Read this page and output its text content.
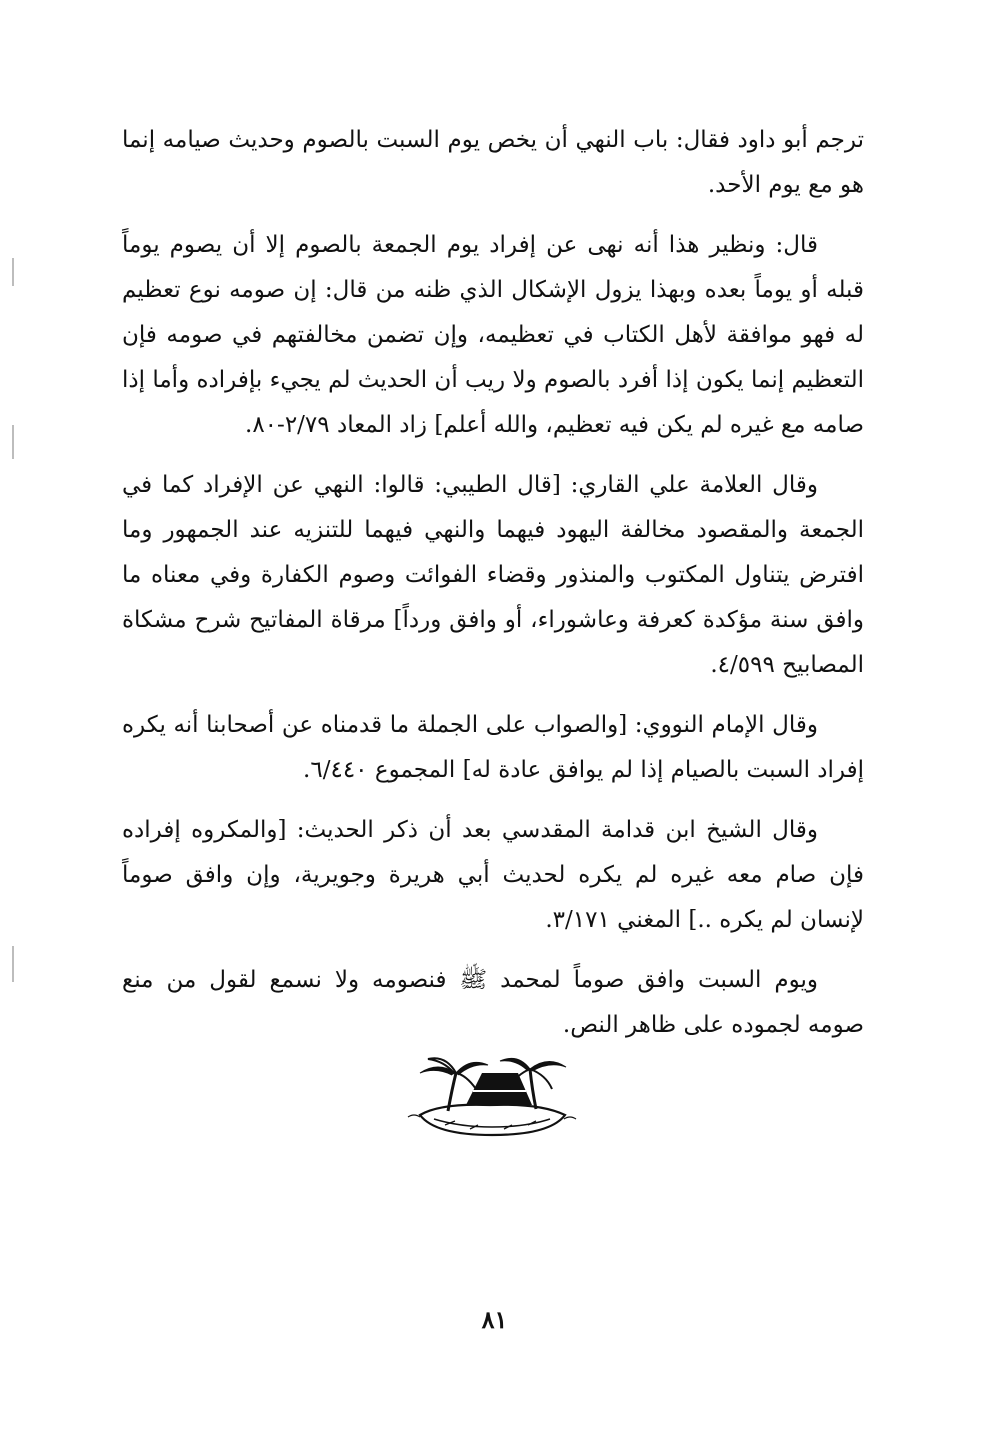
ترجم أبو داود فقال: باب النهي أن يخص يوم السبت بالصوم وحديث صيامه إنما هو مع يوم الأحد.

قال: ونظير هذا أنه نهى عن إفراد يوم الجمعة بالصوم إلا أن يصوم يوماً قبله أو يوماً بعده وبهذا يزول الإشكال الذي ظنه من قال: إن صومه نوع تعظيم له فهو موافقة لأهل الكتاب في تعظيمه، وإن تضمن مخالفتهم في صومه فإن التعظيم إنما يكون إذا أفرد بالصوم ولا ريب أن الحديث لم يجيء بإفراده وأما إذا صامه مع غيره لم يكن فيه تعظيم، والله أعلم] زاد المعاد ٢/٧٩-٨٠.

وقال العلامة علي القاري: [قال الطيبي: قالوا: النهي عن الإفراد كما في الجمعة والمقصود مخالفة اليهود فيهما والنهي فيهما للتنزيه عند الجمهور وما افترض يتناول المكتوب والمنذور وقضاء الفوائت وصوم الكفارة وفي معناه ما وافق سنة مؤكدة كعرفة وعاشوراء، أو وافق ورداً] مرقاة المفاتيح شرح مشكاة المصابيح ٤/٥٩٩.

وقال الإمام النووي: [والصواب على الجملة ما قدمناه عن أصحابنا أنه يكره إفراد السبت بالصيام إذا لم يوافق عادة له] المجموع ٦/٤٤٠.

وقال الشيخ ابن قدامة المقدسي بعد أن ذكر الحديث: [والمكروه إفراده فإن صام معه غيره لم يكره لحديث أبي هريرة وجويرية، وإن وافق صوماً لإنسان لم يكره ..] المغني ٣/١٧١.

ويوم السبت وافق صوماً لمحمد ﷺ فنصومه ولا نسمع لقول من منع صومه لجموده على ظاهر النص.

٨١
